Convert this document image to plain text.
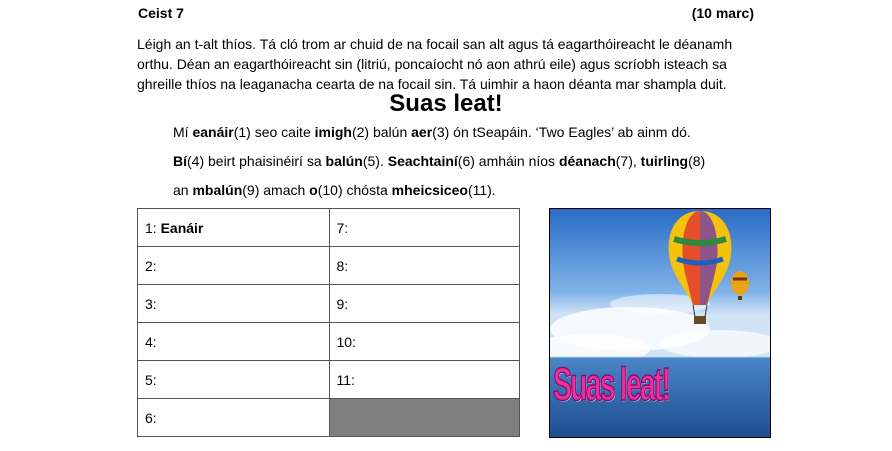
Ceist 7	(10 marc)
Léigh an t-alt thíos. Tá cló trom ar chuid de na focail san alt agus tá eagarthóireacht le déanamh orthu. Déan an eagarthóireacht sin (litriú, poncaíocht nó aon athrú eile) agus scríobh isteach sa ghreille thíos na leaganacha cearta de na focail sin. Tá uimhir a haon déanta mar shampla duit.
Suas leat!
Mí eanáir(1) seo caite imigh(2) balún aer(3) ón tSeapáin. ‘Two Eagles’ ab ainm dó.
Bí(4) beirt phaisinéirí sa balún(5). Seachtainí(6) amháin níos déanach(7), tuirling(8)
an mbalún(9) amach o(10) chósta mheicsiceo(11).
1: Eanáir	7:
2:	8:
3:	9:
4:	10:
5:	11:
6:	
Suas leat!
